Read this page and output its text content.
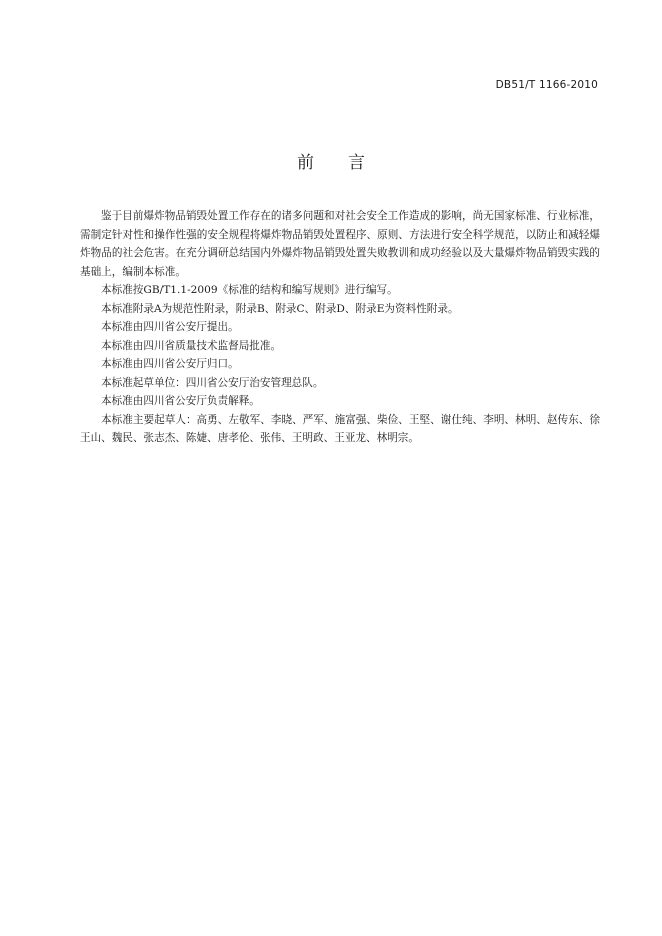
DB51/T 1166-2010
前言

鉴于目前爆炸物品销毁处置工作存在的诸多问题和对社会安全工作造成的影响，尚无国家标准、行业标准，需制定针对性和操作性强的安全规程将爆炸物品销毁处置程序、原则、方法进行安全科学规范，以防止和减轻爆炸物品的社会危害。在充分调研总结国内外爆炸物品销毁处置失败教训和成功经验以及大量爆炸物品销毁实践的基础上，编制本标准。

本标准按GB/T1.1-2009《标准的结构和编写规则》进行编写。

本标准附录A为规范性附录，附录B、附录C、附录D、附录E为资料性附录。

本标准由四川省公安厅提出。

本标准由四川省质量技术监督局批准。

本标准由四川省公安厅归口。

本标准起草单位：四川省公安厅治安管理总队。

本标准由四川省公安厅负责解释。

本标准主要起草人：高勇、左敬军、李晓、严军、施富强、柴俭、王堅、谢仕纯、李明、林明、赵传东、徐王山、魏民、张志杰、陈婕、唐孝伦、张伟、王明政、王亚龙、林明宗。
